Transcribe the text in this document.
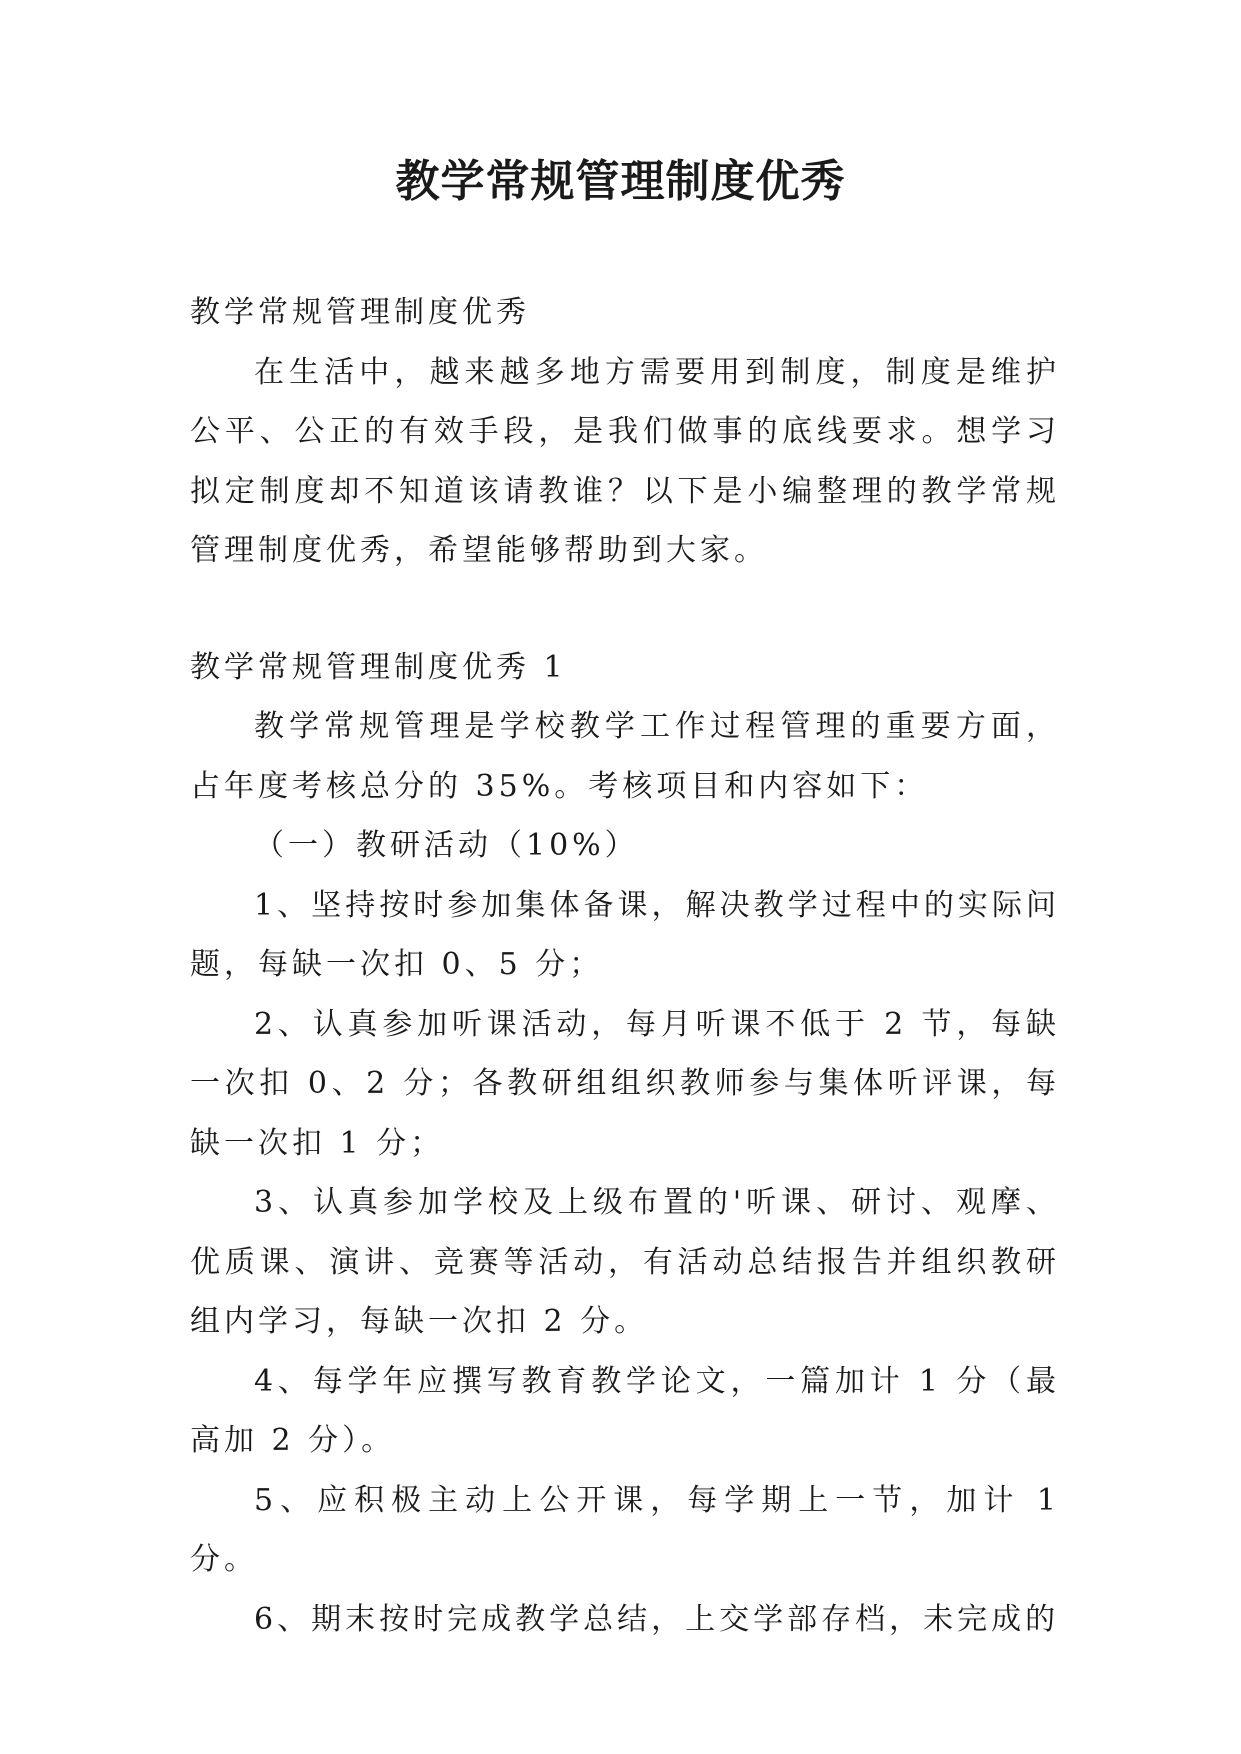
教学常规管理制度优秀

教学常规管理制度优秀

在生活中，越来越多地方需要用到制度，制度是维护公平、公正的有效手段，是我们做事的底线要求。想学习拟定制度却不知道该请教谁？以下是小编整理的教学常规管理制度优秀，希望能够帮助到大家。

教学常规管理制度优秀 1

教学常规管理是学校教学工作过程管理的重要方面，占年度考核总分的 35%。考核项目和内容如下：

（一）教研活动（10%）

1、坚持按时参加集体备课，解决教学过程中的实际问题，每缺一次扣 0、5 分；

2、认真参加听课活动，每月听课不低于 2 节，每缺一次扣 0、2 分；各教研组组织教师参与集体听评课，每缺一次扣 1 分；

3、认真参加学校及上级布置的'听课、研讨、观摩、优质课、演讲、竞赛等活动，有活动总结报告并组织教研组内学习，每缺一次扣 2 分。

4、每学年应撰写教育教学论文，一篇加计 1 分（最高加 2 分）。

5、应积极主动上公开课，每学期上一节，加计 1 分。

6、期末按时完成教学总结，上交学部存档，未完成的
